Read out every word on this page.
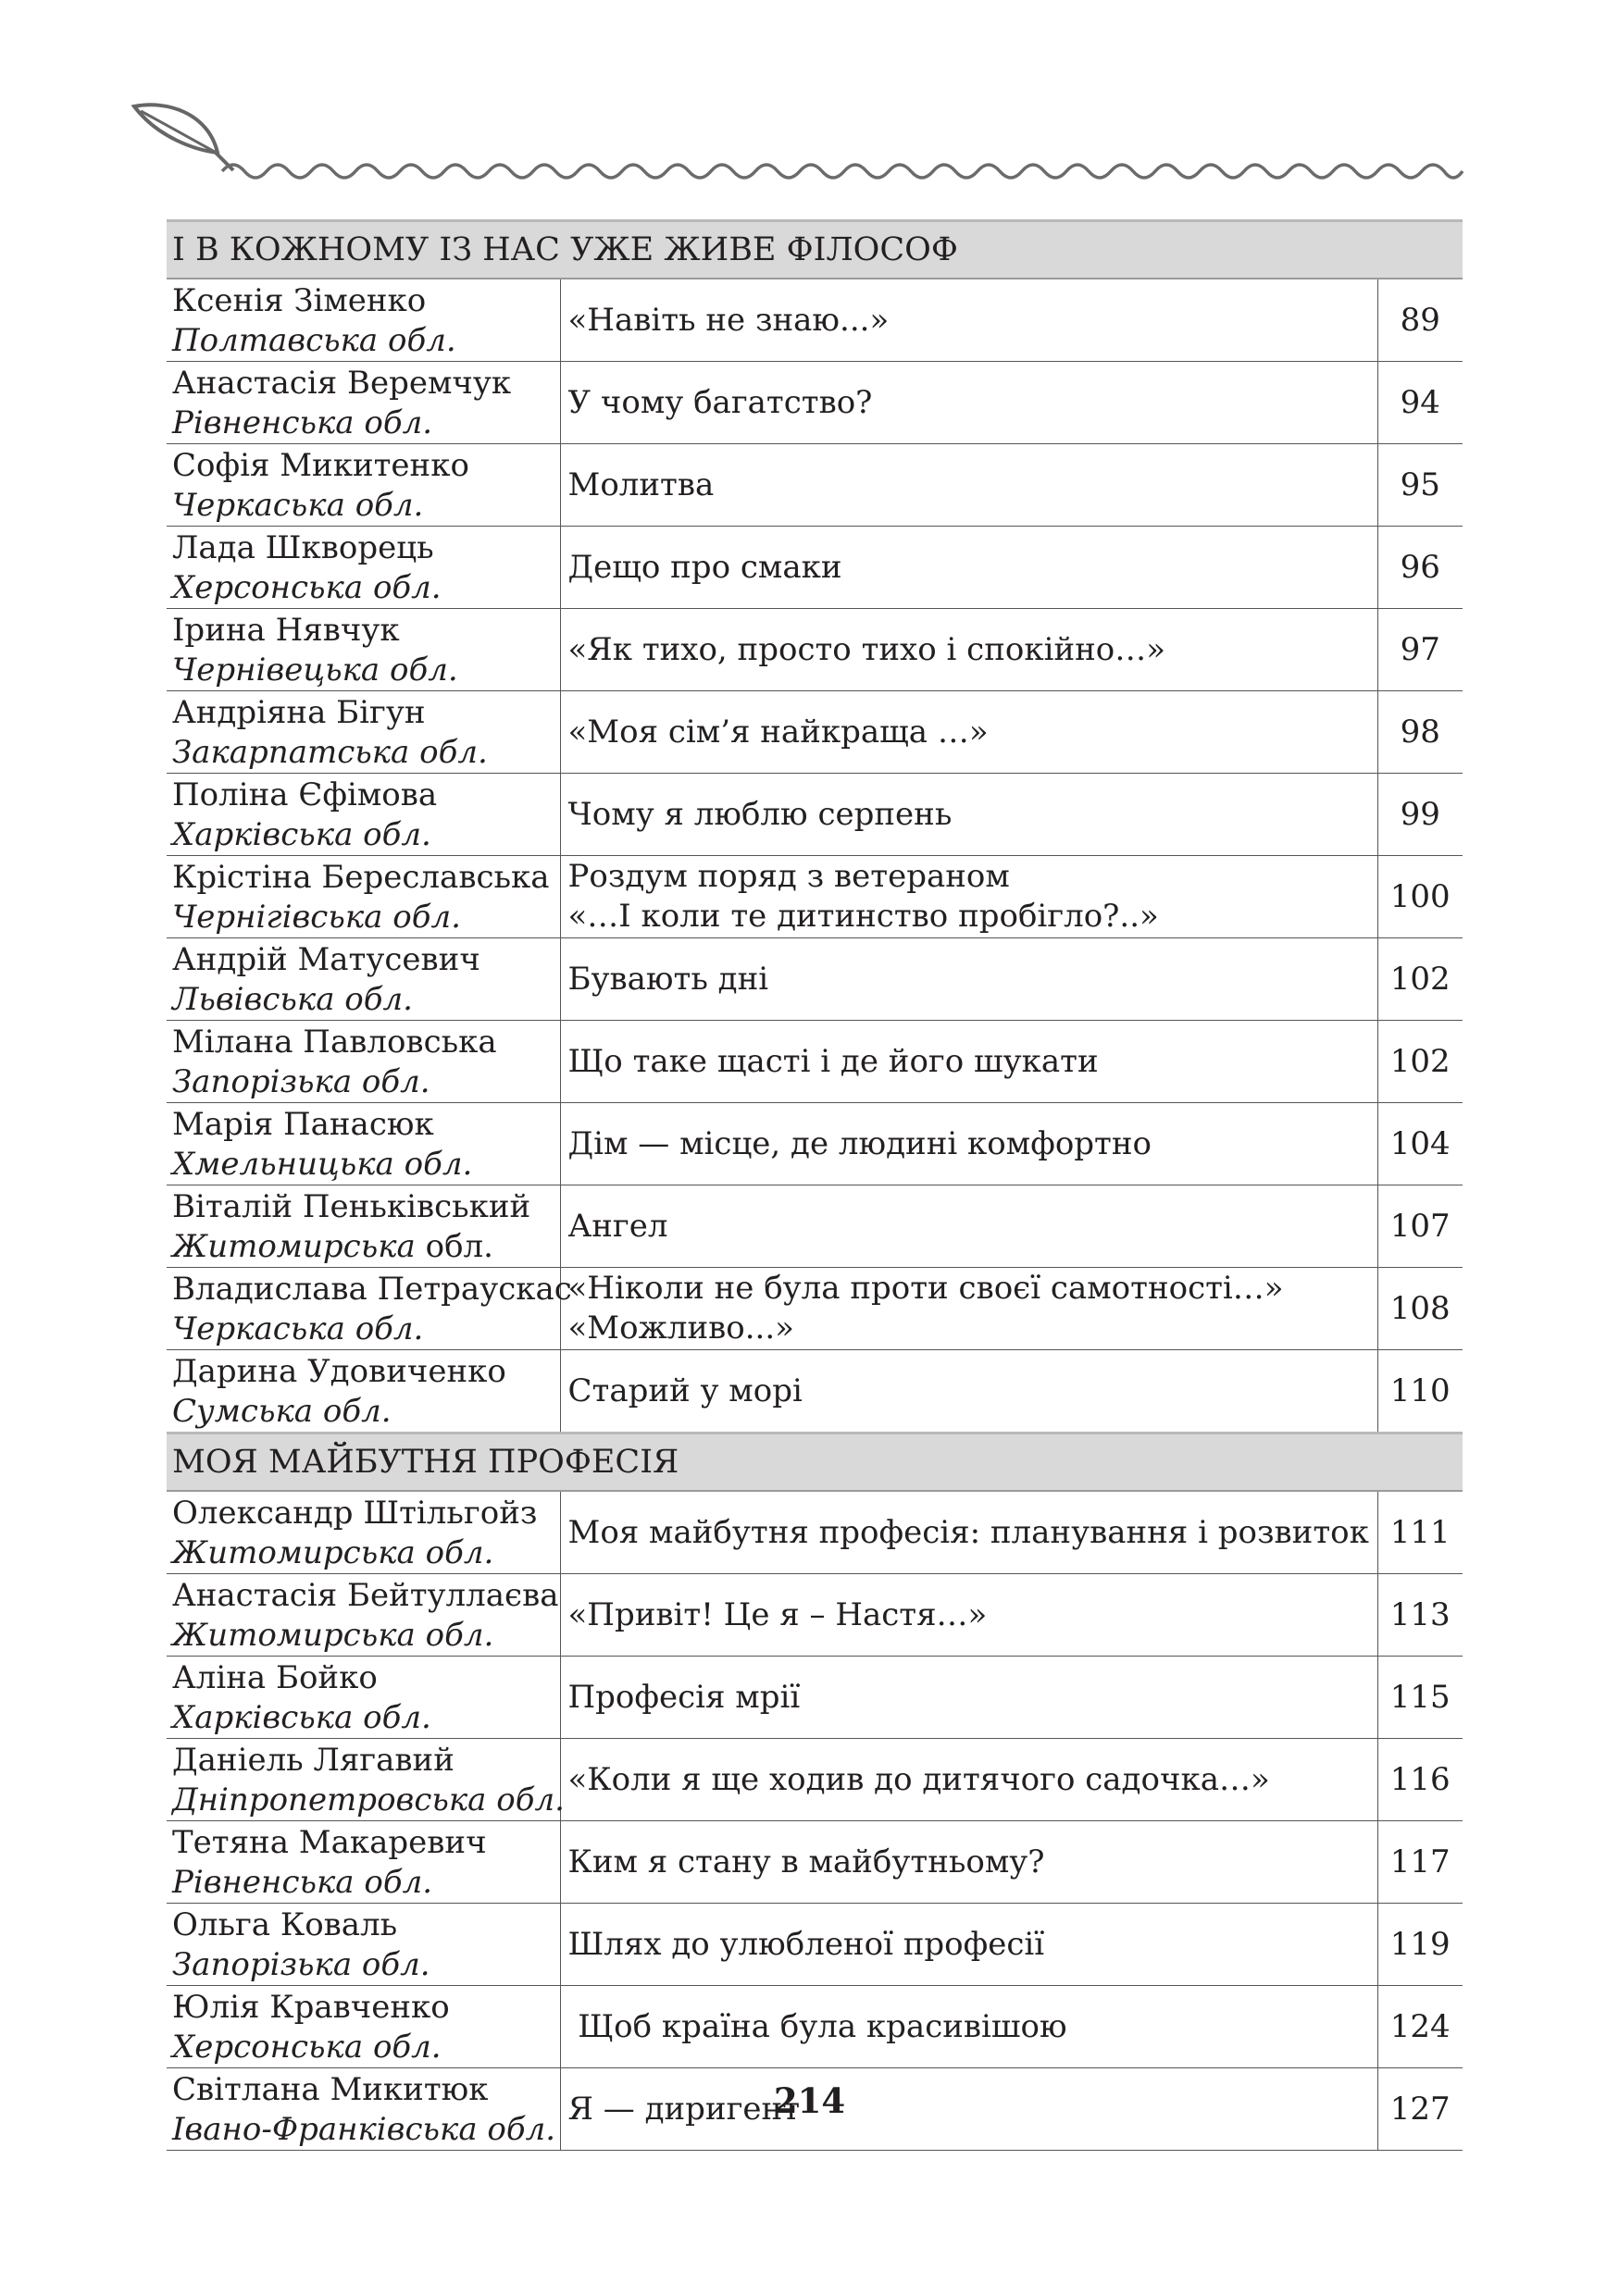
І В КОЖНОМУ ІЗ НАС УЖЕ ЖИВЕ ФІЛОСОФ		

Ксенія Зіменко
Полтавська обл.	«Навіть не знаю...»	89

Анастасія Веремчук
Рівненська обл.	У чому багатство?	94

Софія Микитенко
Черкаська обл.	Молитва	95

Лада Шкворець
Херсонська обл.	Дещо про смаки	96

Ірина Нявчук
Чернівецька обл.	«Як тихо, просто тихо і спокійно…»	97

Андріяна Бігун
Закарпатська обл.	«Моя сім’я найкраща …»	98

Поліна Єфімова
Харківська обл.	Чому я люблю серпень	99

Крістіна Береславська
Чернігівська обл.	Роздум поряд з ветераном
«…І коли те дитинство пробігло?..»	100

Андрій Матусевич
Львівська обл.	Бувають дні	102

Мілана Павловська
Запорізька обл.	Що таке щасті і де його шукати	102

Марія Панасюк
Хмельницька обл.	Дім — місце, де людині комфортно	104

Віталій Пеньківський
Житомирська обл.	Ангел	107

Владислава Петраускас
Черкаська обл.	«Ніколи не була проти своєї самотності…»
«Можливо...»	108

Дарина Удовиченко
Сумська обл.	Старий у морі	110
МОЯ МАЙБУТНЯ ПРОФЕСІЯ		

Олександр Штільгойз
Житомирська обл.	Моя майбутня професія: планування і розвиток	111

Анастасія Бейтуллаєва
Житомирська обл.	«Привіт! Це я – Настя…»	113

Аліна Бойко
Харківська обл.	Професія мрії	115

Даніель Лягавий
Дніпропетровська обл.	«Коли я ще ходив до дитячого садочка…»	116

Тетяна Макаревич
Рівненська обл.	Ким я стану в майбутньому?	117

Ольга Коваль
Запорізька обл.	Шлях до улюбленої професії	119

Юлія Кравченко
Херсонська обл.	Щоб країна була красивішою	124

Світлана Микитюк
Івано-Франківська обл.	Я — диригент	127
214
